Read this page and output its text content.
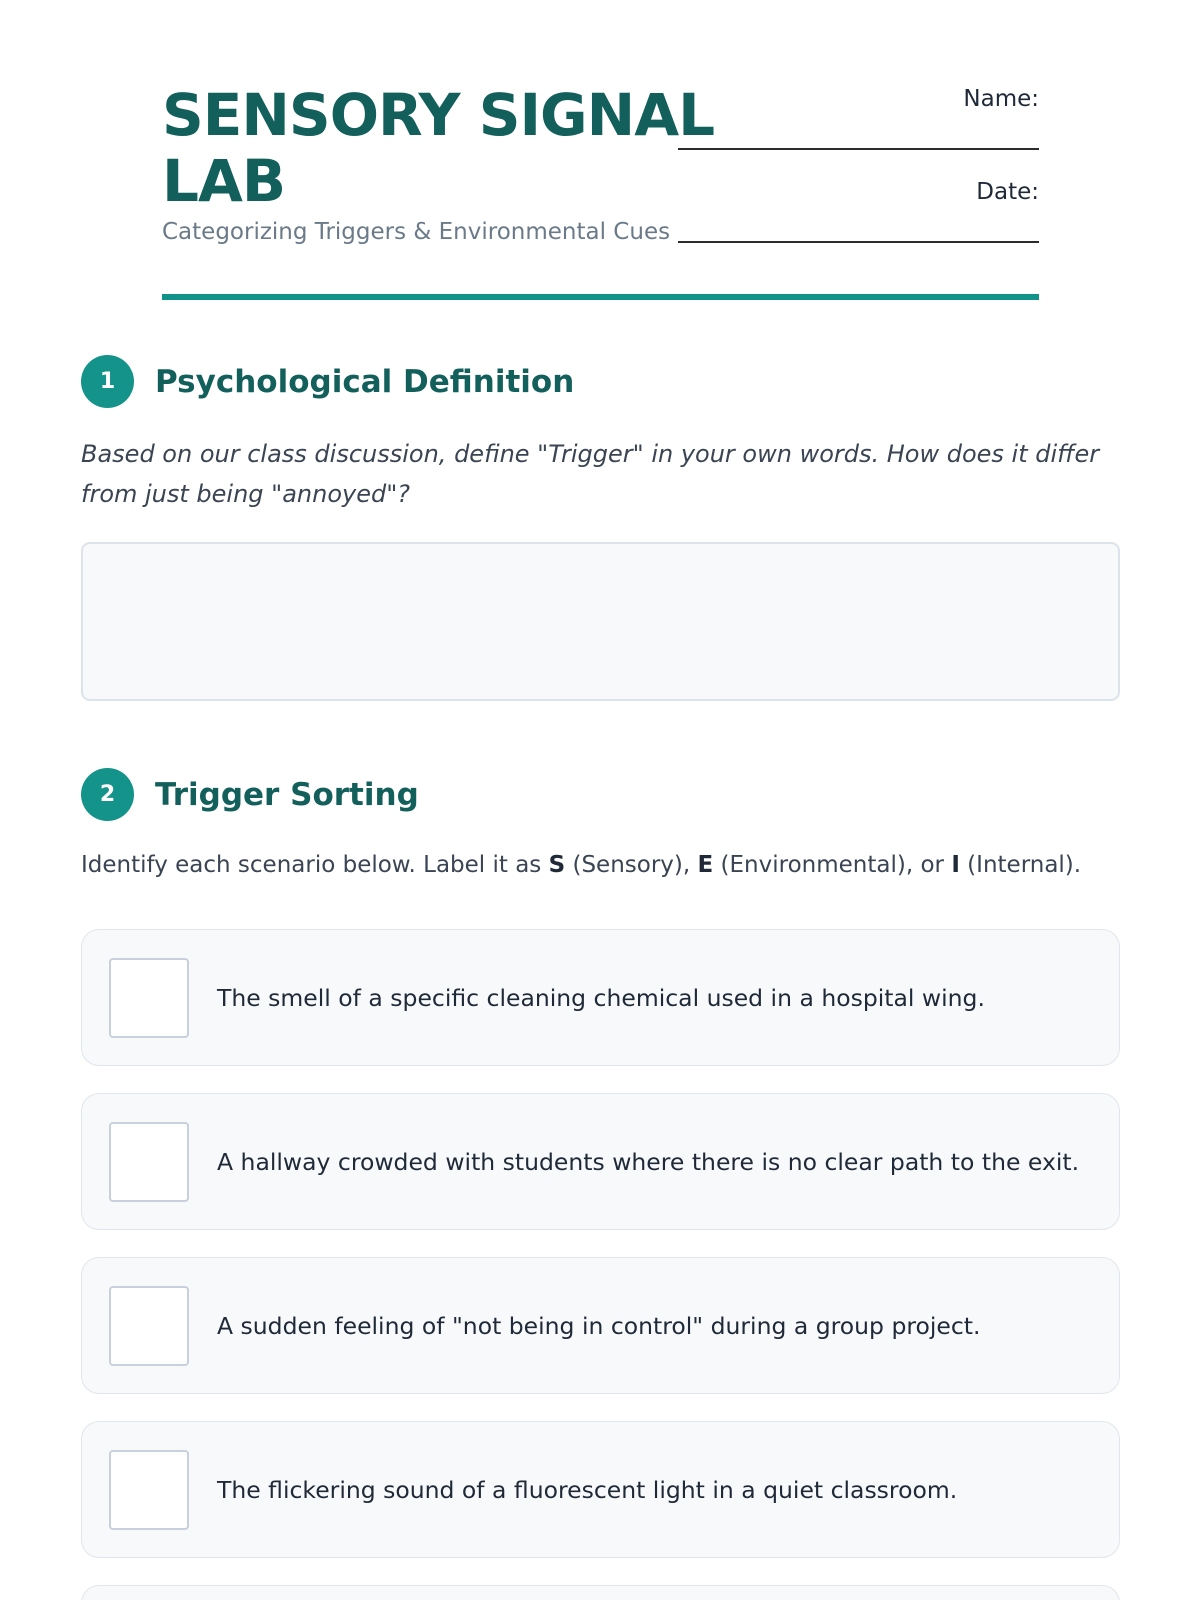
SENSORY SIGNAL LAB
Categorizing Triggers & Environmental Cues
Name:
Date:
1	Psychological Definition

Based on our class discussion, define "Trigger" in your own words. How does it differ from just being "annoyed"?

2	Trigger Sorting

Identify each scenario below. Label it as S (Sensory), E (Environmental), or I (Internal).

The smell of a specific cleaning chemical used in a hospital wing.
A hallway crowded with students where there is no clear path to the exit.
A sudden feeling of "not being in control" during a group project.
The flickering sound of a fluorescent light in a quiet classroom.
